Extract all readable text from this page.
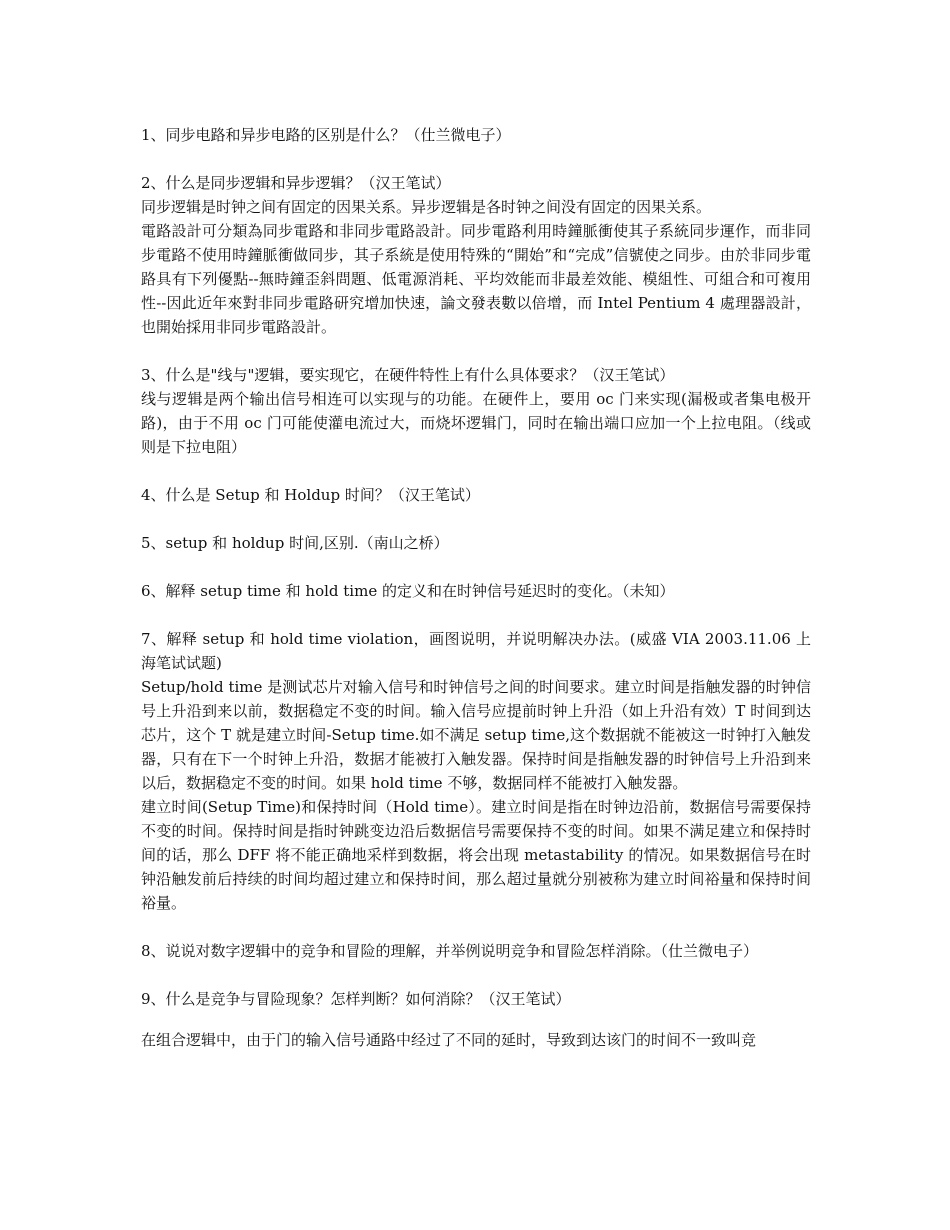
1、同步电路和异步电路的区别是什么？（仕兰微电子）

2、什么是同步逻辑和异步逻辑？（汉王笔试）

同步逻辑是时钟之间有固定的因果关系。异步逻辑是各时钟之间没有固定的因果关系。

電路設計可分類為同步電路和非同步電路設計。同步電路利用時鐘脈衝使其子系統同步運作，而非同步電路不使用時鐘脈衝做同步，其子系統是使用特殊的“開始”和“完成”信號使之同步。由於非同步電路具有下列優點--無時鐘歪斜問題、低電源消耗、平均效能而非最差效能、模組性、可組合和可複用性--因此近年來對非同步電路研究增加快速，論文發表數以倍增，而 Intel Pentium 4 處理器設計，也開始採用非同步電路設計。

3、什么是"线与"逻辑，要实现它，在硬件特性上有什么具体要求？（汉王笔试）

线与逻辑是两个输出信号相连可以实现与的功能。在硬件上，要用 oc 门来实现(漏极或者集电极开路)，由于不用 oc 门可能使灌电流过大，而烧坏逻辑门，同时在输出端口应加一个上拉电阻。（线或则是下拉电阻）

4、什么是 Setup 和 Holdup 时间？（汉王笔试）

5、setup 和 holdup 时间,区别.（南山之桥）

6、解释 setup time 和 hold time 的定义和在时钟信号延迟时的变化。（未知）

7、解释 setup 和 hold time violation，画图说明，并说明解决办法。(威盛 VIA 2003.11.06 上海笔试试题)

Setup/hold time 是测试芯片对输入信号和时钟信号之间的时间要求。建立时间是指触发器的时钟信号上升沿到来以前，数据稳定不变的时间。输入信号应提前时钟上升沿（如上升沿有效）T 时间到达芯片，这个 T 就是建立时间-Setup time.如不满足 setup time,这个数据就不能被这一时钟打入触发器，只有在下一个时钟上升沿，数据才能被打入触发器。保持时间是指触发器的时钟信号上升沿到来以后，数据稳定不变的时间。如果 hold time 不够，数据同样不能被打入触发器。

建立时间(Setup Time)和保持时间（Hold time）。建立时间是指在时钟边沿前，数据信号需要保持不变的时间。保持时间是指时钟跳变边沿后数据信号需要保持不变的时间。如果不满足建立和保持时间的话，那么 DFF 将不能正确地采样到数据，将会出现 metastability 的情况。如果数据信号在时钟沿触发前后持续的时间均超过建立和保持时间，那么超过量就分别被称为建立时间裕量和保持时间裕量。

8、说说对数字逻辑中的竞争和冒险的理解，并举例说明竞争和冒险怎样消除。（仕兰微电子）

9、什么是竞争与冒险现象？怎样判断？如何消除？（汉王笔试）

在组合逻辑中，由于门的输入信号通路中经过了不同的延时，导致到达该门的时间不一致叫竞
